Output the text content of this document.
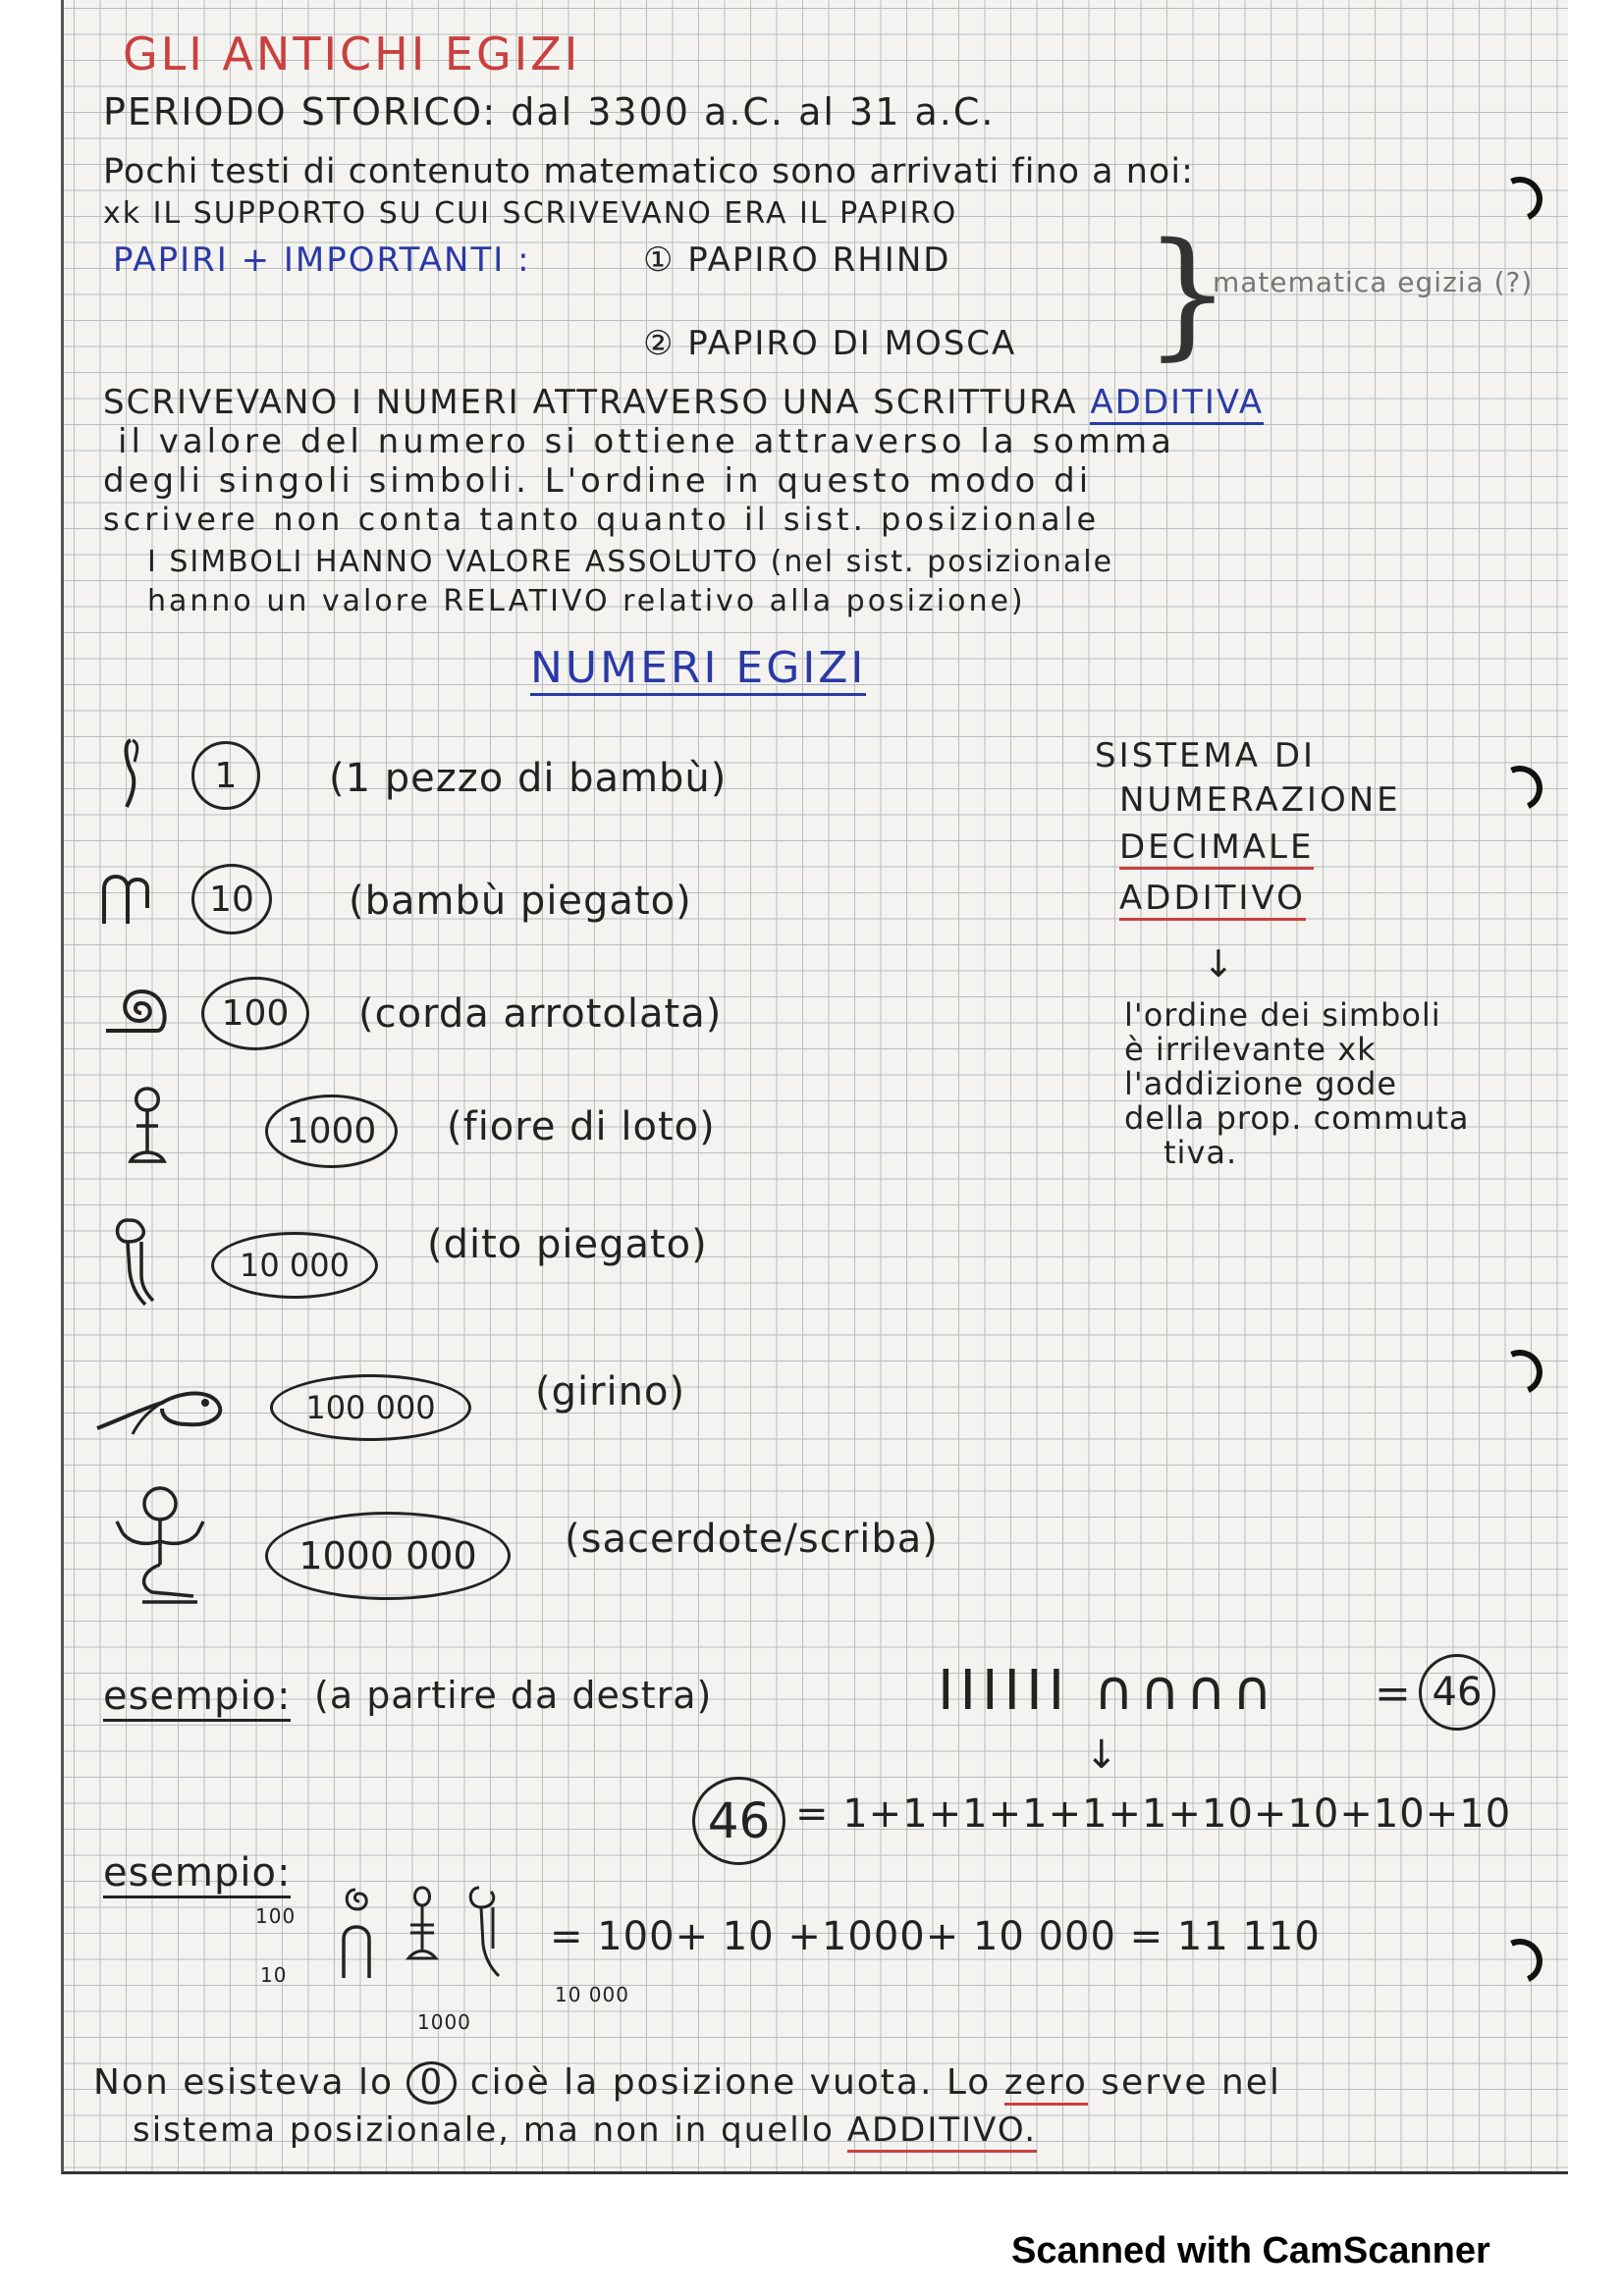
GLI ANTICHI EGIZI

PERIODO STORICO: dal 3300 a.C. al 31 a.C.

Pochi testi di contenuto matematico sono arrivati fino a noi:

xk IL SUPPORTO SU CUI SCRIVEVANO ERA IL PAPIRO

PAPIRI + IMPORTANTI :	① PAPIRO RHIND

② PAPIRO DI MOSCA }

matematica egizia (?)

SCRIVEVANO I NUMERI ATTRAVERSO UNA SCRITTURA ADDITIVA

il valore del numero si ottiene attraverso la somma

degli singoli simboli. L'ordine in questo modo di

scrivere non conta tanto quanto il sist. posizionale

I SIMBOLI HANNO VALORE ASSOLUTO (nel sist. posizionale

hanno un valore RELATIVO relativo alla posizione)

NUMERI EGIZI

1	(1 pezzo di bambù)

10	(bambù piegato)

100	(corda arrotolata)

1000	(fiore di loto)

10 000	(dito piegato)

100 000	(girino)

1000 000	(sacerdote/scriba)

SISTEMA DI

NUMERAZIONE

DECIMALE

ADDITIVO

↓

l'ordine dei simboli

è irrilevante xk

l'addizione gode

della prop. commuta

tiva.

esempio: (a partire da destra)	IIIIII ∩∩∩∩ = 46

↓

46 = 1+1+1+1+1+1+10+10+10+10

esempio:

100

10

1000

10 000

= 100+ 10 +1000+ 10 000 = 11 110

Non esisteva lo 0 cioè la posizione vuota. Lo zero serve nel

sistema posizionale, ma non in quello ADDITIVO.

Scanned with CamScanner
